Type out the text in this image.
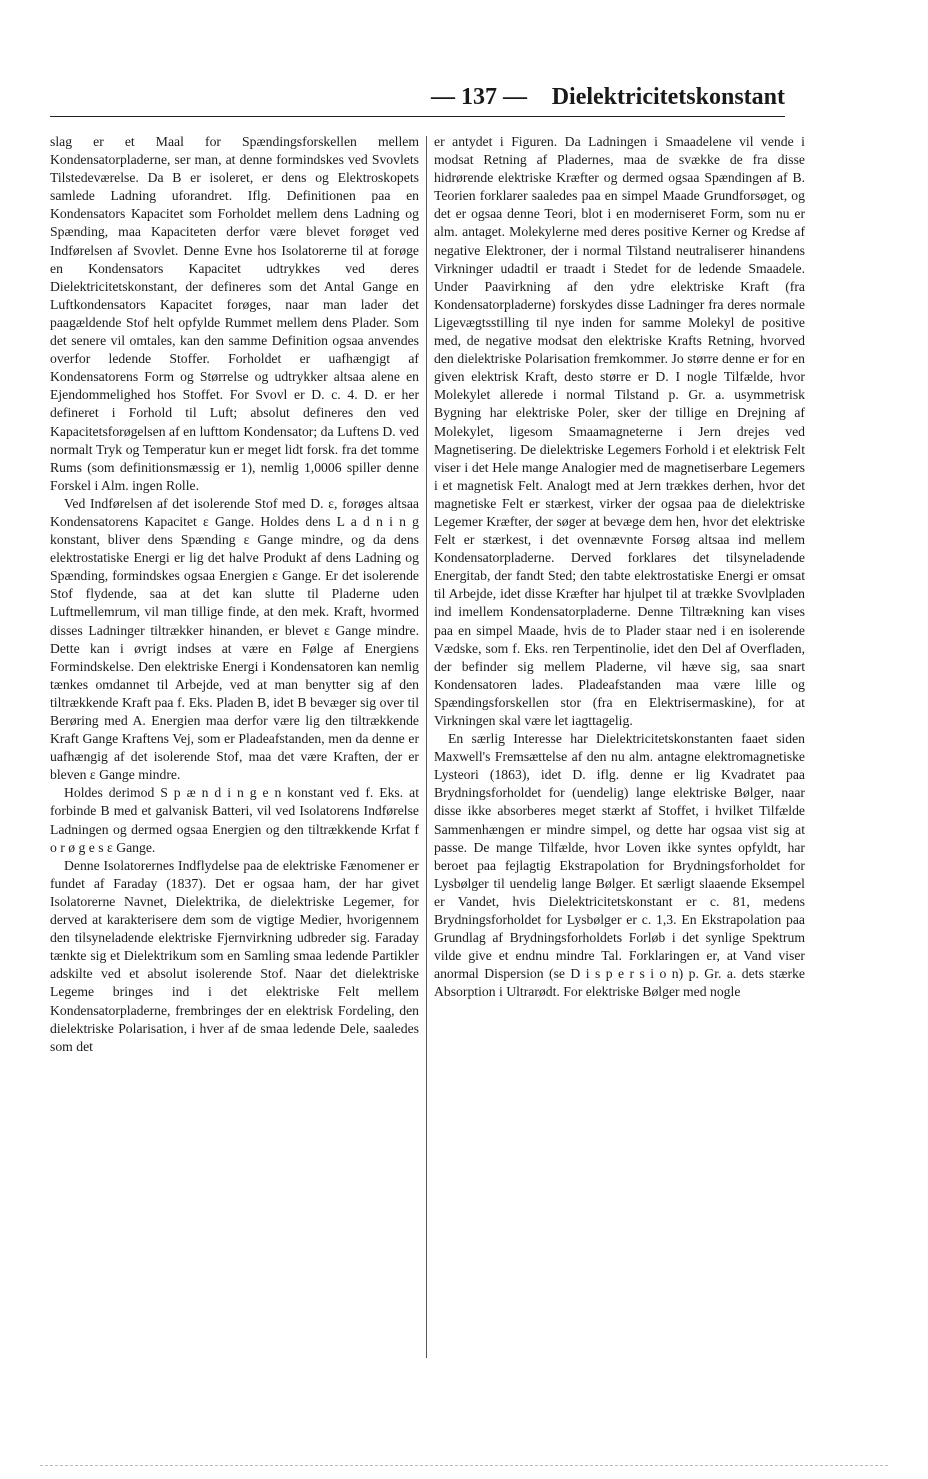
— 137 — Dielektricitetskonstant

slag er et Maal for Spændingsforskellen mellem Kondensatorpladerne, ser man, at denne formindskes ved Svovlets Tilstedeværelse. Da B er isoleret, er dens og Elektroskopets samlede Ladning uforandret. Iflg. Definitionen paa en Kondensators Kapacitet som Forholdet mellem dens Ladning og Spænding, maa Kapaciteten derfor være blevet forøget ved Indførelsen af Svovlet. Denne Evne hos Isolatorerne til at forøge en Kondensators Kapacitet udtrykkes ved deres Dielektricitetskonstant, der defineres som det Antal Gange en Luftkondensators Kapacitet forøges, naar man lader det paagældende Stof helt opfylde Rummet mellem dens Plader. Som det senere vil omtales, kan den samme Definition ogsaa anvendes overfor ledende Stoffer. Forholdet er uafhængigt af Kondensatorens Form og Størrelse og udtrykker altsaa alene en Ejendommelighed hos Stoffet. For Svovl er D. c. 4. D. er her defineret i Forhold til Luft; absolut defineres den ved Kapacitetsforøgelsen af en lufttom Kondensator; da Luftens D. ved normalt Tryk og Temperatur kun er meget lidt forsk. fra det tomme Rums (som definitionsmæssig er 1), nemlig 1,0006 spiller denne Forskel i Alm. ingen Rolle.

Ved Indførelsen af det isolerende Stof med D. ε, forøges altsaa Kondensatorens Kapacitet ε Gange. Holdes dens L a d n i n g konstant, bliver dens Spænding ε Gange mindre, og da dens elektrostatiske Energi er lig det halve Produkt af dens Ladning og Spænding, formindskes ogsaa Energien ε Gange. Er det isolerende Stof flydende, saa at det kan slutte til Pladerne uden Luftmellemrum, vil man tillige finde, at den mek. Kraft, hvormed disses Ladninger tiltrækker hinanden, er blevet ε Gange mindre. Dette kan i øvrigt indses at være en Følge af Energiens Formindskelse. Den elektriske Energi i Kondensatoren kan nemlig tænkes omdannet til Arbejde, ved at man benytter sig af den tiltrækkende Kraft paa f. Eks. Pladen B, idet B bevæger sig over til Berøring med A. Energien maa derfor være lig den tiltrækkende Kraft Gange Kraftens Vej, som er Pladeafstanden, men da denne er uafhængig af det isolerende Stof, maa det være Kraften, der er bleven ε Gange mindre.

Holdes derimod S p æ n d i n g e n konstant ved f. Eks. at forbinde B med et galvanisk Batteri, vil ved Isolatorens Indførelse Ladningen og dermed ogsaa Energien og den tiltrækkende Krfat f o r ø g e s ε Gange.

Denne Isolatorernes Indflydelse paa de elektriske Fænomener er fundet af Faraday (1837). Det er ogsaa ham, der har givet Isolatorerne Navnet, Dielektrika, de dielektriske Legemer, for derved at karakterisere dem som de vigtige Medier, hvorigennem den tilsyneladende elektriske Fjernvirkning udbreder sig. Faraday tænkte sig et Dielektrikum som en Samling smaa ledende Partikler adskilte ved et absolut isolerende Stof. Naar det dielektriske Legeme bringes ind i det elektriske Felt mellem Kondensatorpladerne, frembringes der en elektrisk Fordeling, den dielektriske Polarisation, i hver af de smaa ledende Dele, saaledes som det

er antydet i Figuren. Da Ladningen i Smaadelene vil vende i modsat Retning af Pladernes, maa de svække de fra disse hidrørende elektriske Kræfter og dermed ogsaa Spændingen af B. Teorien forklarer saaledes paa en simpel Maade Grundforsøget, og det er ogsaa denne Teori, blot i en moderniseret Form, som nu er alm. antaget. Molekylerne med deres positive Kerner og Kredse af negative Elektroner, der i normal Tilstand neutraliserer hinandens Virkninger udadtil er traadt i Stedet for de ledende Smaadele. Under Paavirkning af den ydre elektriske Kraft (fra Kondensatorpladerne) forskydes disse Ladninger fra deres normale Ligevægtsstilling til nye inden for samme Molekyl de positive med, de negative modsat den elektriske Krafts Retning, hvorved den dielektriske Polarisation fremkommer. Jo større denne er for en given elektrisk Kraft, desto større er D. I nogle Tilfælde, hvor Molekylet allerede i normal Tilstand p. Gr. a. usymmetrisk Bygning har elektriske Poler, sker der tillige en Drejning af Molekylet, ligesom Smaamagneterne i Jern drejes ved Magnetisering. De dielektriske Legemers Forhold i et elektrisk Felt viser i det Hele mange Analogier med de magnetiserbare Legemers i et magnetisk Felt. Analogt med at Jern trækkes derhen, hvor det magnetiske Felt er stærkest, virker der ogsaa paa de dielektriske Legemer Kræfter, der søger at bevæge dem hen, hvor det elektriske Felt er stærkest, i det ovennævnte Forsøg altsaa ind mellem Kondensatorpladerne. Derved forklares det tilsyneladende Energitab, der fandt Sted; den tabte elektrostatiske Energi er omsat til Arbejde, idet disse Kræfter har hjulpet til at trække Svovlpladen ind imellem Kondensatorpladerne. Denne Tiltrækning kan vises paa en simpel Maade, hvis de to Plader staar ned i en isolerende Vædske, som f. Eks. ren Terpentinolie, idet den Del af Overfladen, der befinder sig mellem Pladerne, vil hæve sig, saa snart Kondensatoren lades. Pladeafstanden maa være lille og Spændingsforskellen stor (fra en Elektrisermaskine), for at Virkningen skal være let iagttagelig.

En særlig Interesse har Dielektricitetskonstanten faaet siden Maxwell's Fremsættelse af den nu alm. antagne elektromagnetiske Lysteori (1863), idet D. iflg. denne er lig Kvadratet paa Brydningsforholdet for (uendelig) lange elektriske Bølger, naar disse ikke absorberes meget stærkt af Stoffet, i hvilket Tilfælde Sammenhængen er mindre simpel, og dette har ogsaa vist sig at passe. De mange Tilfælde, hvor Loven ikke syntes opfyldt, har beroet paa fejlagtig Ekstrapolation for Brydningsforholdet for Lysbølger til uendelig lange Bølger. Et særligt slaaende Eksempel er Vandet, hvis Dielektricitetskonstant er c. 81, medens Brydningsforholdet for Lysbølger er c. 1,3. En Ekstrapolation paa Grundlag af Brydningsforholdets Forløb i det synlige Spektrum vilde give et endnu mindre Tal. Forklaringen er, at Vand viser anormal Dispersion (se D i s p e r s i o n) p. Gr. a. dets stærke Absorption i Ultrarødt. For elektriske Bølger med nogle
